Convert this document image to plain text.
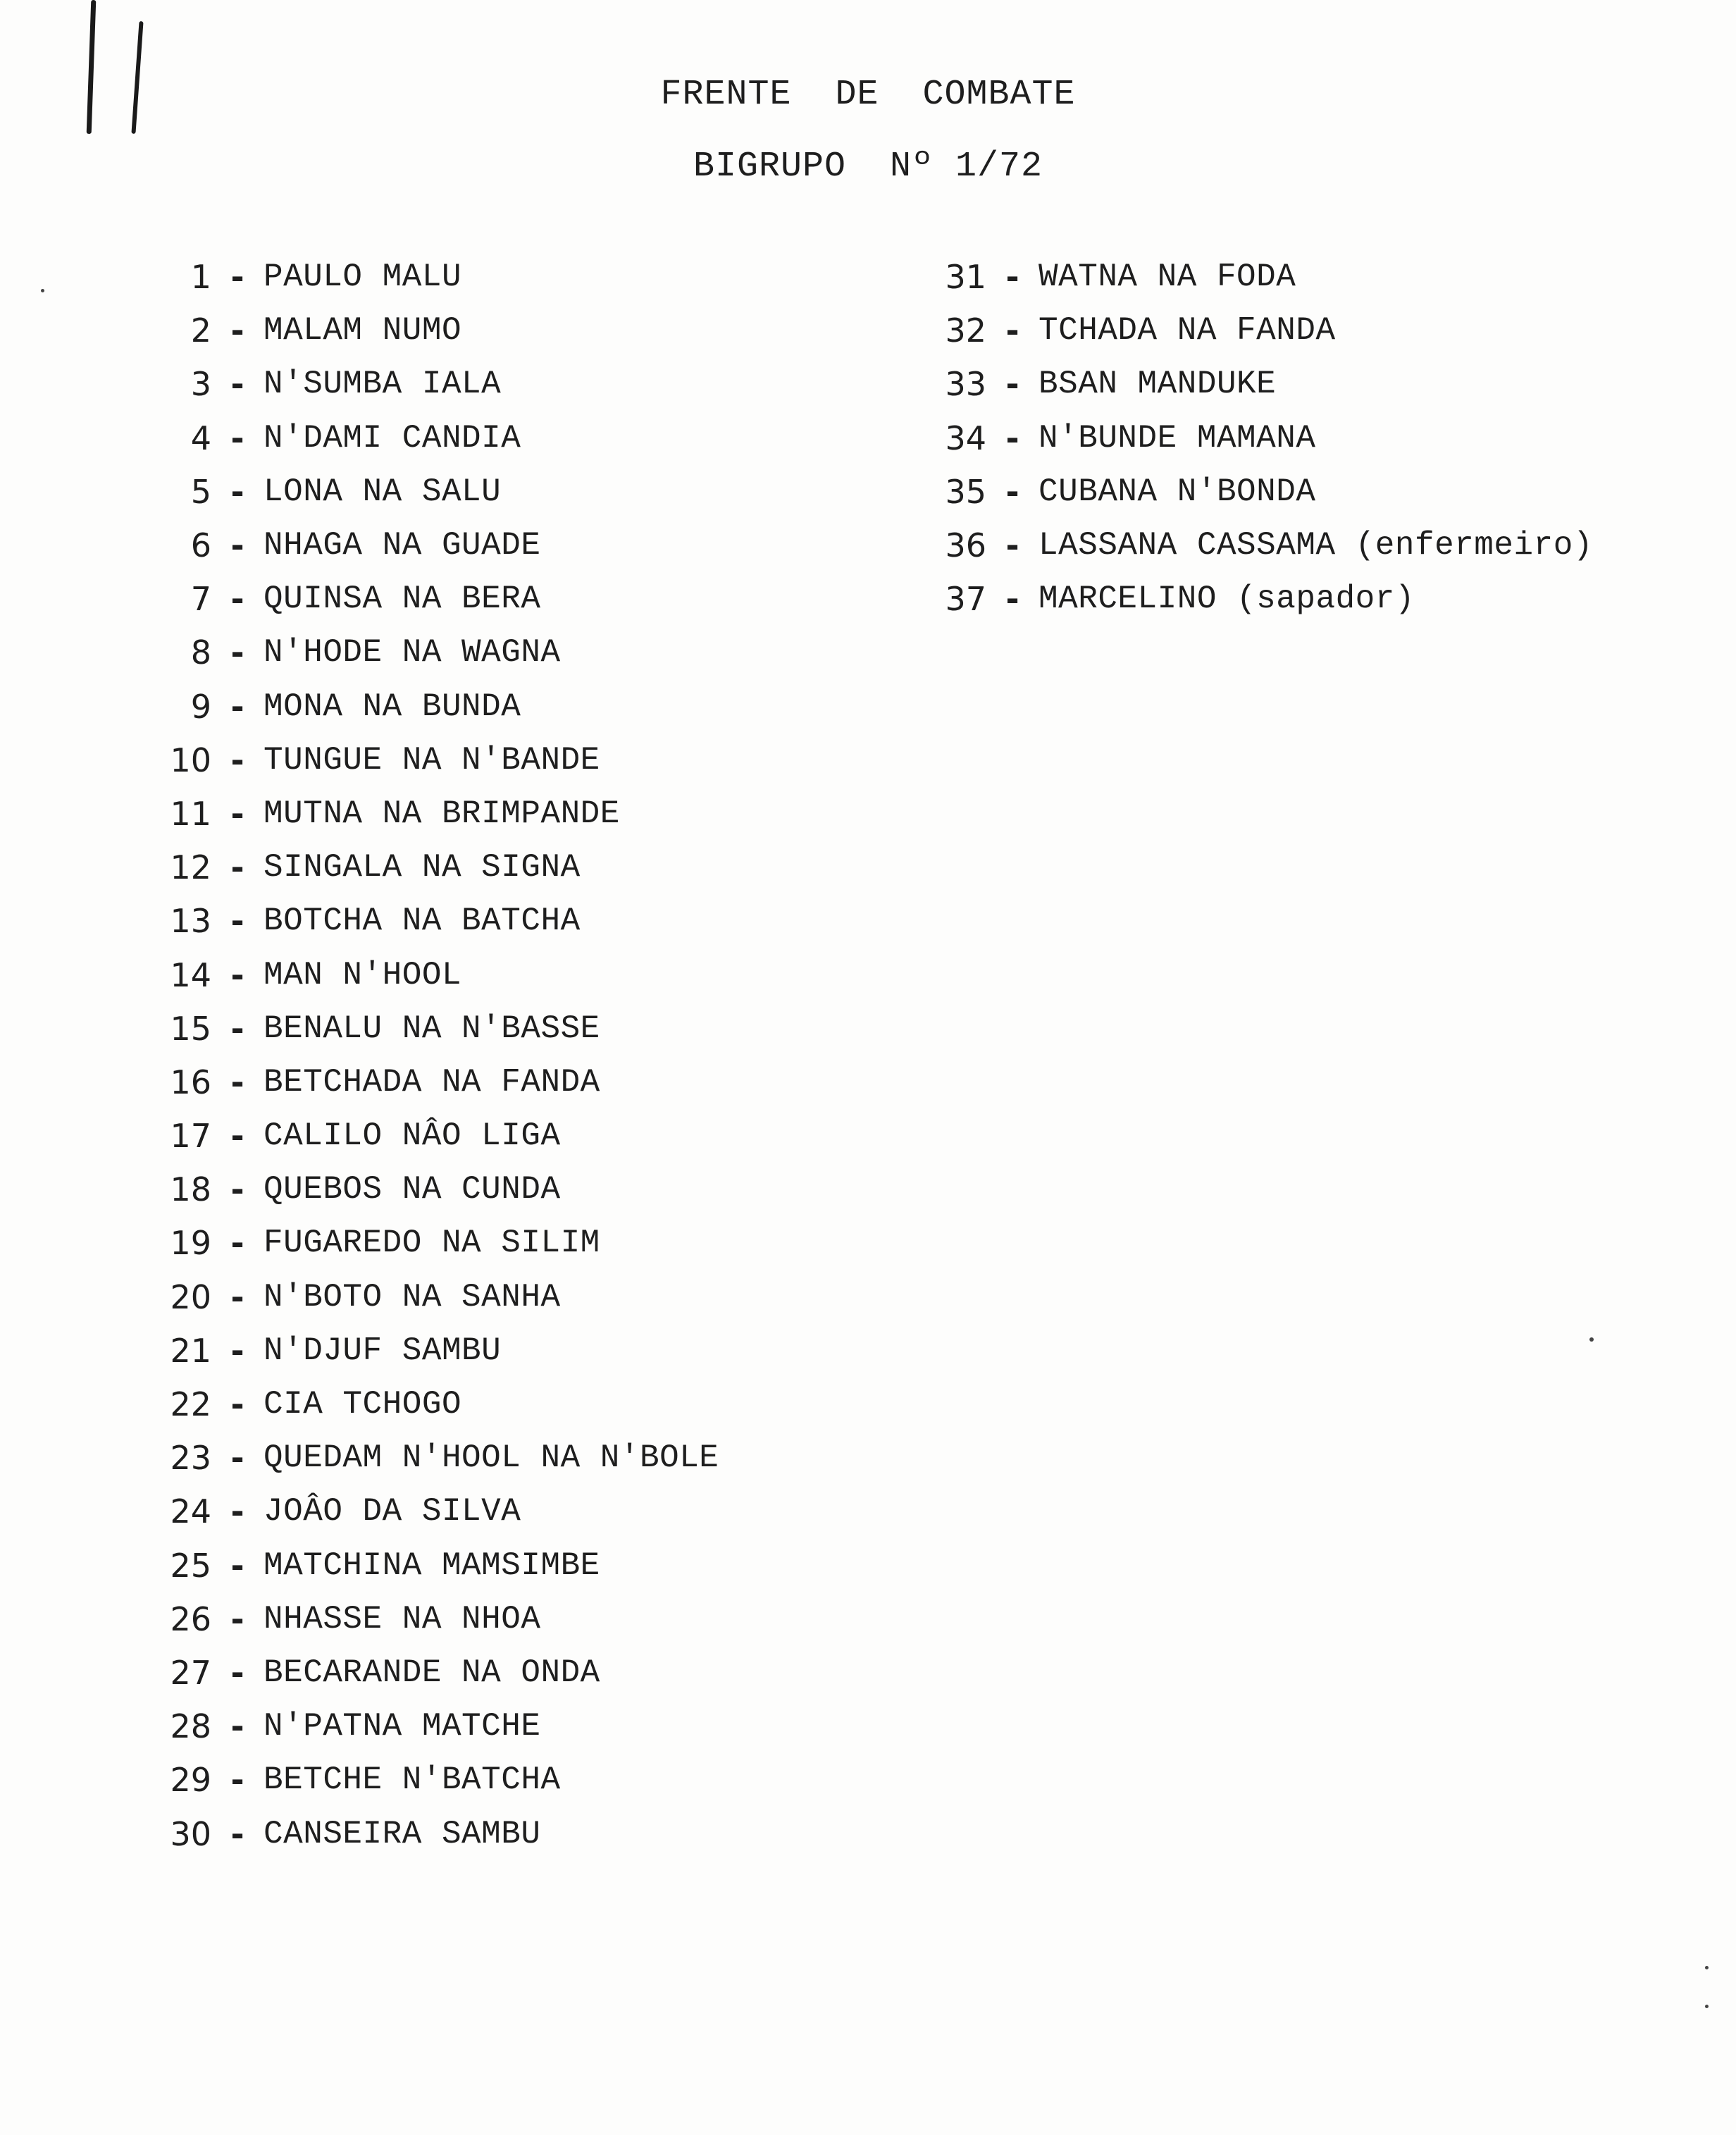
FRENTE  DE  COMBATE
BIGRUPO  Nº 1/72
1 - PAULO MALU
2 - MALAM NUMO
3 - N'SUMBA IALA
4 - N'DAMI CANDIA
5 - LONA NA SALU
6 - NHAGA NA GUADE
7 - QUINSA NA BERA
8 - N'HODE NA WAGNA
9 - MONA NA BUNDA
10 - TUNGUE NA N'BANDE
11 - MUTNA NA BRIMPANDE
12 - SINGALA NA SIGNA
13 - BOTCHA NA BATCHA
14 - MAN N'HOOL
15 - BENALU NA N'BASSE
16 - BETCHADA NA FANDA
17 - CALILO NÂO LIGA
18 - QUEBOS NA CUNDA
19 - FUGAREDO NA SILIM
20 - N'BOTO NA SANHA
21 - N'DJUF SAMBU
22 - CIA TCHOGO
23 - QUEDAM N'HOOL NA N'BOLE
24 - JOÂO DA SILVA
25 - MATCHINA MAMSIMBE
26 - NHASSE NA NHOA
27 - BECARANDE NA ONDA
28 - N'PATNA MATCHE
29 - BETCHE N'BATCHA
30 - CANSEIRA SAMBU
31 - WATNA NA FODA
32 - TCHADA NA FANDA
33 - BSAN MANDUKE
34 - N'BUNDE MAMANA
35 - CUBANA N'BONDA
36 - LASSANA CASSAMA (enfermeiro)
37 - MARCELINO (sapador)
